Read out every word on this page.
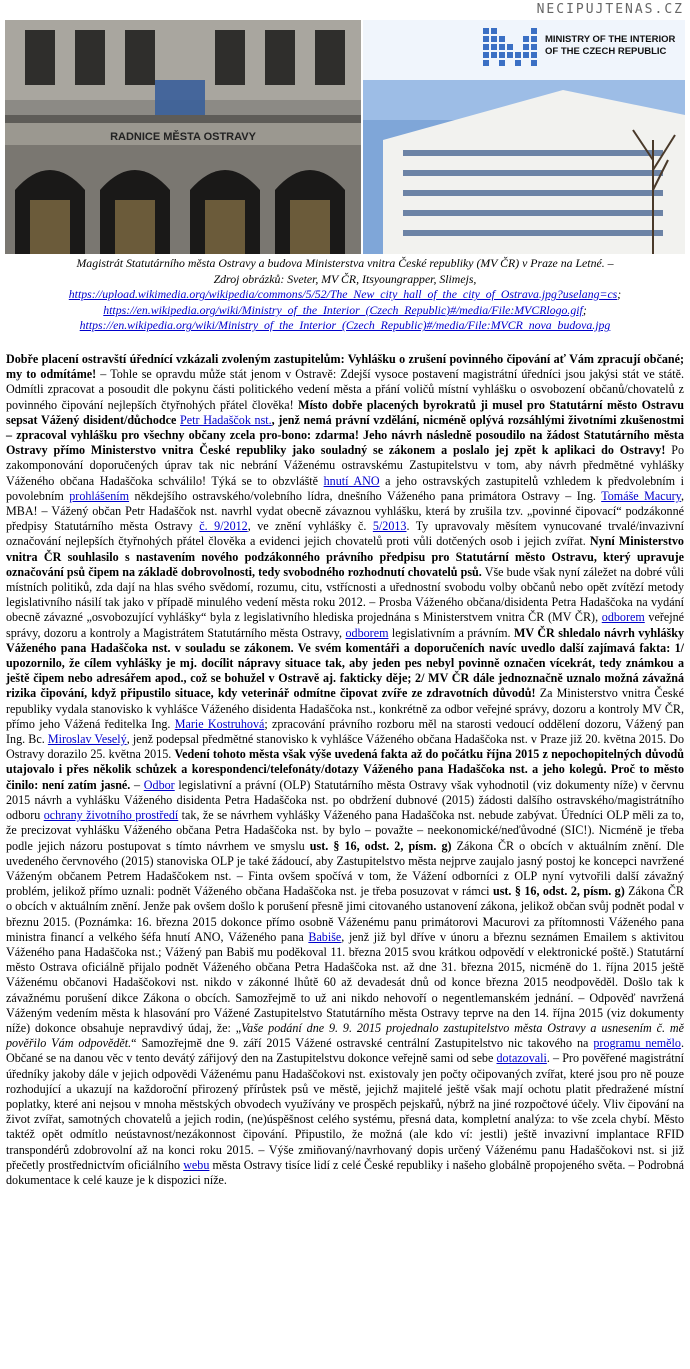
NECIPUJTENAS.CZ
RADNICE MĚSTA OSTRAVY
MINISTRY OF THE INTERIOR
OF THE CZECH REPUBLIC
Magistrát Statutárního města Ostravy a budova Ministerstva vnitra České republiky (MV ČR) v Praze na Letné. –
Zdroj obrázků: Sveter, MV ČR, Itsyoungrapper, Slimejs,
https://upload.wikimedia.org/wikipedia/commons/5/52/The_New_city_hall_of_the_city_of_Ostrava.jpg?uselang=cs;
https://en.wikipedia.org/wiki/Ministry_of_the_Interior_(Czech_Republic)#/media/File:MVCRlogo.gif;
https://en.wikipedia.org/wiki/Ministry_of_the_Interior_(Czech_Republic)#/media/File:MVCR_nova_budova.jpg
Dobře placení ostravští úřednící vzkázali zvoleným zastupitelům: Vyhlášku o zrušení povinného čipování ať Vám zpracují občané; my to odmítáme! – Tohle se opravdu může stát jenom v Ostravě: Zdejší vysoce postavení magistrátní úředníci jsou jakýsi stát ve státě. Odmítli zpracovat a posoudit dle pokynu části politického vedení města a přání voličů místní vyhlášku o osvobození občanů/chovatelů z povinného čipování nejlepších čtyřnohých přátel člověka! Místo dobře placených byrokratů ji musel pro Statutární město Ostravu sepsat Vážený disident/důchodce Petr Hadaščok nst., jenž nemá právní vzdělání, nicméně oplývá rozsáhlými životními zkušenostmi – zpracoval vyhlášku pro všechny občany zcela pro-bono: zdarma! Jeho návrh následně posoudilo na žádost Statutárního města Ostravy přímo Ministerstvo vnitra České republiky jako souladný se zákonem a poslalo jej zpět k aplikaci do Ostravy! Po zakomponování doporučených úprav tak nic nebrání Váženému ostravskému Zastupitelstvu v tom, aby návrh předmětné vyhlášky Váženého občana Hadaščoka schválilo! Týká se to obzvláště hnutí ANO a jeho ostravských zastupitelů vzhledem k předvolebním i povolebním prohlášením někdejšího ostravského/volebního lídra, dnešního Váženého pana primátora Ostravy – Ing. Tomáše Macury, MBA! – Vážený občan Petr Hadaščok nst. navrhl vydat obecně závaznou vyhlášku, která by zrušila tzv. „povinné čipovací“ podzákonné předpisy Statutárního města Ostravy č. 9/2012, ve znění vyhlášky č. 5/2013. Ty upravovaly měsítem vynucované trvalé/invazivní označování nejlepších čtyřnohých přátel člověka a evidenci jejich chovatelů proti vůli dotčených osob i jejich zvířat. Nyní Ministerstvo vnitra ČR souhlasilo s nastavením nového podzákonného právního předpisu pro Statutární město Ostravu, který upravuje označování psů čipem na základě dobrovolnosti, tedy svobodného rozhodnutí chovatelů psů. Vše bude však nyní záležet na dobré vůli místních politiků, zda dají na hlas svého svědomí, rozumu, citu, vstřícnosti a uřednostní svobodu volby občanů nebo opět zvítězí metody legislativního násilí tak jako v případě minulého vedení města roku 2012. – Prosba Váženého občana/disidenta Petra Hadaščoka na vydání obecně závazné „osvobozující vyhlášky“ byla z legislativního hlediska projednána s Ministerstvem vnitra ČR (MV ČR), odborem veřejné správy, dozoru a kontroly a Magistrátem Statutárního města Ostravy, odborem legislativním a právním. MV ČR shledalo návrh vyhlášky Váženého pana Hadaščoka nst. v souladu se zákonem. Ve svém komentáři a doporučeních navíc uvedlo další zajímavá fakta: 1/ upozornilo, že cílem vyhlášky je mj. docílit nápravy situace tak, aby jeden pes nebyl povinně označen vícekrát, tedy známkou a ještě čipem nebo adresářem apod., což se bohužel v Ostravě aj. fakticky děje; 2/ MV ČR dále jednoznačně uznalo možná závažná rizika čipování, když připustilo situace, kdy veterinář odmítne čipovat zvíře ze zdravotních důvodů! Za Ministerstvo vnitra České republiky vydala stanovisko k vyhlášce Váženého disidenta Hadaščoka nst., konkrétně za odbor veřejné správy, dozoru a kontroly MV ČR, přímo jeho Vážená ředitelka Ing. Marie Kostruhová; zpracování právního rozboru měl na starosti vedoucí oddělení dozoru, Vážený pan Ing. Bc. Miroslav Veselý, jenž podepsal předmětné stanovisko k vyhlášce Váženého občana Hadaščoka nst. v Praze již 20. května 2015. Do Ostravy dorazilo 25. května 2015. Vedení tohoto města však výše uvedená fakta až do počátku října 2015 z nepochopitelných důvodů utajovalo i přes několik schůzek a korespondenci/telefonáty/dotazy Váženého pana Hadaščoka nst. a jeho kolegů. Proč to město činilo: není zatím jasné. – Odbor legislativní a právní (OLP) Statutárního města Ostravy však vyhodnotil (viz dokumenty níže) v červnu 2015 návrh a vyhlášku Váženého disidenta Petra Hadaščoka nst. po obdržení dubnové (2015) žádosti dalšího ostravského/magistrátního odboru ochrany životního prostředí tak, že se návrhem vyhlášky Váženého pana Hadaščoka nst. nebude zabývat. Úředníci OLP měli za to, že precizovat vyhlášku Váženého občana Petra Hadaščoka nst. by bylo – považte – neekonomické/neďůvodné (SIC!). Nicméně je třeba podle jejich názoru postupovat s tímto návrhem ve smyslu ust. § 16, odst. 2, písm. g) Zákona ČR o obcích v aktuálním znění. Dle uvedeného červnového (2015) stanoviska OLP je také žádoucí, aby Zastupitelstvo města nejprve zaujalo jasný postoj ke koncepci navržené Váženým občanem Petrem Hadaščokem nst. – Finta ovšem spočívá v tom, že Vážení odborníci z OLP nyní vytvořili další závažný problém, jelikož přímo uznali: podnět Váženého občana Hadaščoka nst. je třeba posuzovat v rámci ust. § 16, odst. 2, písm. g) Zákona ČR o obcích v aktuálním znění. Jenže pak ovšem došlo k porušení přesně jimi citovaného ustanovení zákona, jelikož občan svůj podnět podal v březnu 2015. (Poznámka: 16. března 2015 dokonce přímo osobně Váženému panu primátorovi Macurovi za přítomnosti Váženého pana ministra financí a velkého šéfa hnutí ANO, Váženého pana Babiše, jenž již byl dříve v únoru a březnu seznámen Emailem s aktivitou Váženého pana Hadaščoka nst.; Vážený pan Babiš mu poděkoval 11. března 2015 svou krátkou odpovědí v elektronické poště.) Statutární město Ostrava oficiálně přijalo podnět Váženého občana Petra Hadaščoka nst. až dne 31. března 2015, nicméně do 1. října 2015 ještě Váženému občanovi Hadaščokovi nst. nikdo v zákonné lhůtě 60 až devadesát dnů od konce března 2015 neodpověděl. Došlo tak k závažnému porušení dikce Zákona o obcích. Samozřejmě to už ani nikdo nehovoří o negentlemanském jednání. – Odpověď navržená Váženým vedením města k hlasování pro Vážené Zastupitelstvo Statutárního města Ostravy teprve na den 14. října 2015 (viz dokumenty níže) dokonce obsahuje nepravdivý údaj, že: „Vaše podání dne 9. 9. 2015 projednalo zastupitelstvo města Ostravy a usnesením č. mě pověřilo Vám odpovědět.“ Samozřejmě dne 9. září 2015 Vážené ostravské centrální Zastupitelstvo nic takového na programu nemělo. Občané se na danou věc v tento devátý zářijový den na Zastupitelstvu dokonce veřejně sami od sebe dotazovali. – Pro pověřené magistrátní úředníky jakoby dále v jejich odpovědi Váženému panu Hadaščokovi nst. existovaly jen počty očipovaných zvířat, které jsou pro ně pouze rozhodující a ukazují na každoroční přirozený přírůstek psů ve městě, jejichž majitelé ještě však mají ochotu platit předražené místní poplatky, které ani nejsou v mnoha městských obvodech využívány ve prospěch pejskařů, nýbrž na jiné rozpočtové účely. Vliv čipování na život zvířat, samotných chovatelů a jejich rodin, (ne)úspěšnost celého systému, přesná data, kompletní analýza: to vše zcela chybí. Město taktéž opět odmítlo neústavnost/nezákonnost čipování. Připustilo, že možná (ale kdo ví: jestli) ještě invazivní implantace RFID transpondérů zdobrovolní až na konci roku 2015. – Výše zmiňovaný/navrhovaný dopis určený Váženému panu Hadaščokovi nst. si již přečetly prostřednictvím oficiálního webu města Ostravy tisíce lidí z celé České republiky i našeho globálně propojeného světa. – Podrobná dokumentace k celé kauze je k dispozici níže.
